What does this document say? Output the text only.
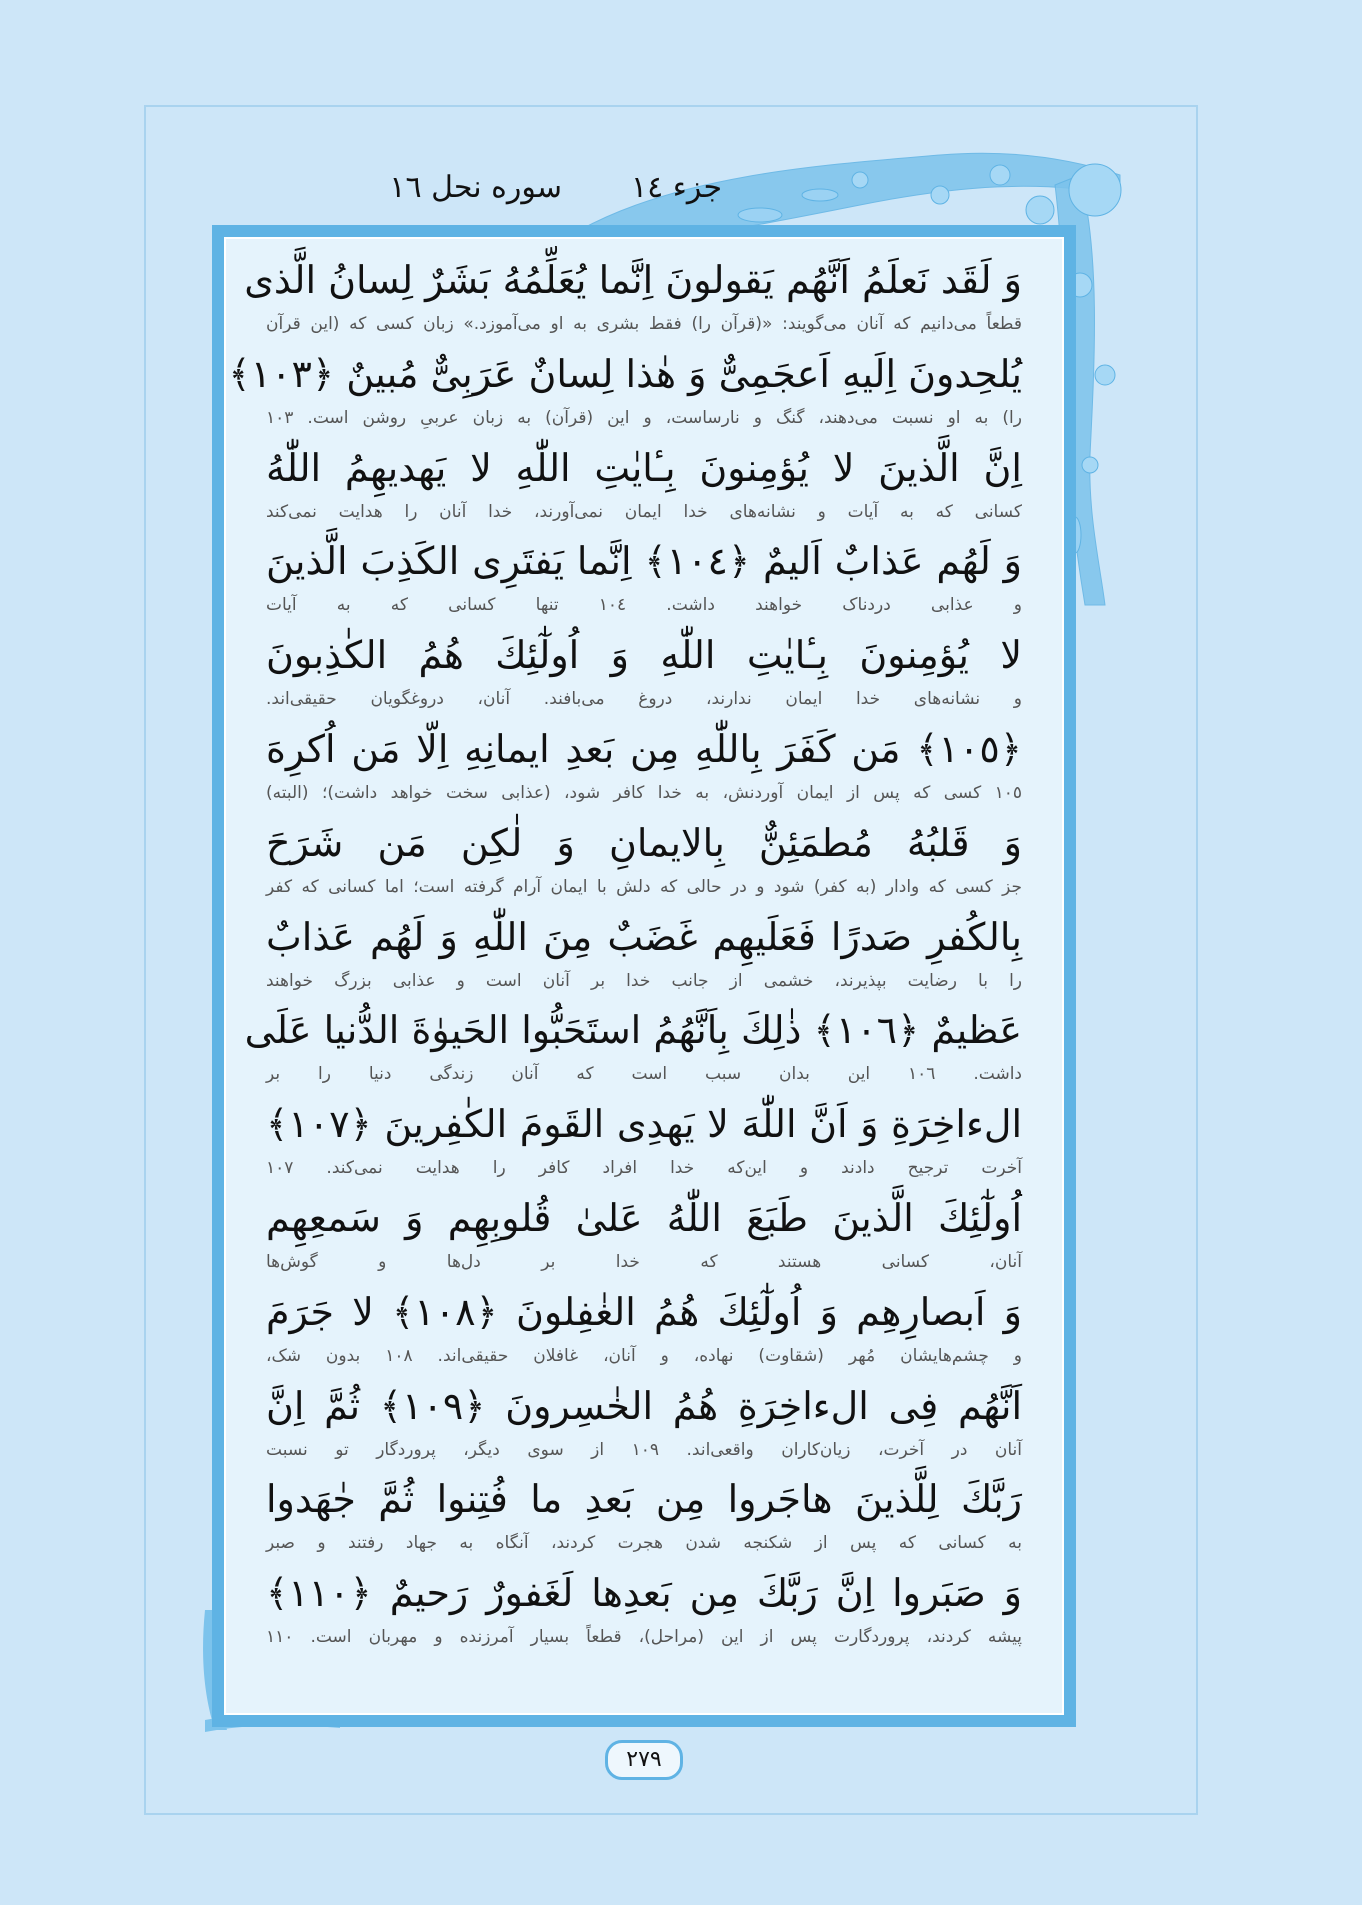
جزء ١٤
سوره نحل ١٦
وَ لَقَد نَعلَمُ اَنَّهُم يَقولونَ اِنَّما يُعَلِّمُهُ بَشَرٌ لِسانُ الَّذى
قطعاً می‌دانیم که آنان می‌گویند: «(قرآن را) فقط بشری به او می‌آموزد.» زبان کسی که (این قرآن
يُلحِدونَ اِلَيهِ اَعجَمِىٌّ وَ هٰذا لِسانٌ عَرَبِىٌّ مُبينٌ ﴿١٠٣﴾
را) به او نسبت می‌دهند، گنگ و نارساست، و این (قرآن) به زبان عربیِ روشن است. ١٠٣
اِنَّ الَّذينَ لا يُؤمِنونَ بِـٔايٰتِ اللّٰهِ لا يَهديهِمُ اللّٰهُ
کسانی که به آیات و نشانه‌های خدا ایمان نمی‌آورند، خدا آنان را هدایت نمی‌کند
وَ لَهُم عَذابٌ اَليمٌ ﴿١٠٤﴾ اِنَّما يَفتَرِى الكَذِبَ الَّذينَ
و عذابی دردناک خواهند داشت. ١٠٤ تنها کسانی که به آیات
لا يُؤمِنونَ بِـٔايٰتِ اللّٰهِ وَ اُولٰٓئِكَ هُمُ الكٰذِبونَ
و نشانه‌های خدا ایمان ندارند، دروغ می‌بافند. آنان، دروغگویان حقیقی‌اند.
﴿١٠٥﴾ مَن كَفَرَ بِاللّٰهِ مِن بَعدِ ايمانِهِ اِلّا مَن اُكرِهَ
١٠٥ کسی که پس از ایمان آوردنش، به خدا کافر شود، (عذابی سخت خواهد داشت)؛ (البته)
وَ قَلبُهُ مُطمَئِنٌّ بِالايمانِ وَ لٰكِن مَن شَرَحَ
جز کسی که وادار (به کفر) شود و در حالی که دلش با ایمان آرام گرفته است؛ اما کسانی که کفر
بِالكُفرِ صَدرًا فَعَلَيهِم غَضَبٌ مِنَ اللّٰهِ وَ لَهُم عَذابٌ
را با رضایت بپذیرند، خشمی از جانب خدا بر آنان است و عذابی بزرگ خواهند
عَظيمٌ ﴿١٠٦﴾ ذٰلِكَ بِاَنَّهُمُ استَحَبُّوا الحَيوٰةَ الدُّنيا عَلَى
داشت. ١٠٦ این بدان سبب است که آنان زندگی دنیا را بر
الءاخِرَةِ وَ اَنَّ اللّٰهَ لا يَهدِى القَومَ الكٰفِرينَ ﴿١٠٧﴾
آخرت ترجیح دادند و این‌که خدا افراد کافر را هدایت نمی‌کند. ١٠٧
اُولٰٓئِكَ الَّذينَ طَبَعَ اللّٰهُ عَلىٰ قُلوبِهِم وَ سَمعِهِم
آنان، کسانی هستند که خدا بر دل‌ها و گوش‌ها
وَ اَبصارِهِم وَ اُولٰٓئِكَ هُمُ الغٰفِلونَ ﴿١٠٨﴾ لا جَرَمَ
و چشم‌هایشان مُهر (شقاوت) نهاده، و آنان، غافلان حقیقی‌اند. ١٠٨ بدون شک،
اَنَّهُم فِى الءاخِرَةِ هُمُ الخٰسِرونَ ﴿١٠٩﴾ ثُمَّ اِنَّ
آنان در آخرت، زیان‌کاران واقعی‌اند. ١٠٩ از سوی دیگر، پروردگار تو نسبت
رَبَّكَ لِلَّذينَ هاجَروا مِن بَعدِ ما فُتِنوا ثُمَّ جٰهَدوا
به کسانی که پس از شکنجه شدن هجرت کردند، آنگاه به جهاد رفتند و صبر
وَ صَبَروا اِنَّ رَبَّكَ مِن بَعدِها لَغَفورٌ رَحيمٌ ﴿١١٠﴾
پیشه کردند، پروردگارت پس از این (مراحل)، قطعاً بسیار آمرزنده و مهربان است. ١١٠
٢٧٩
